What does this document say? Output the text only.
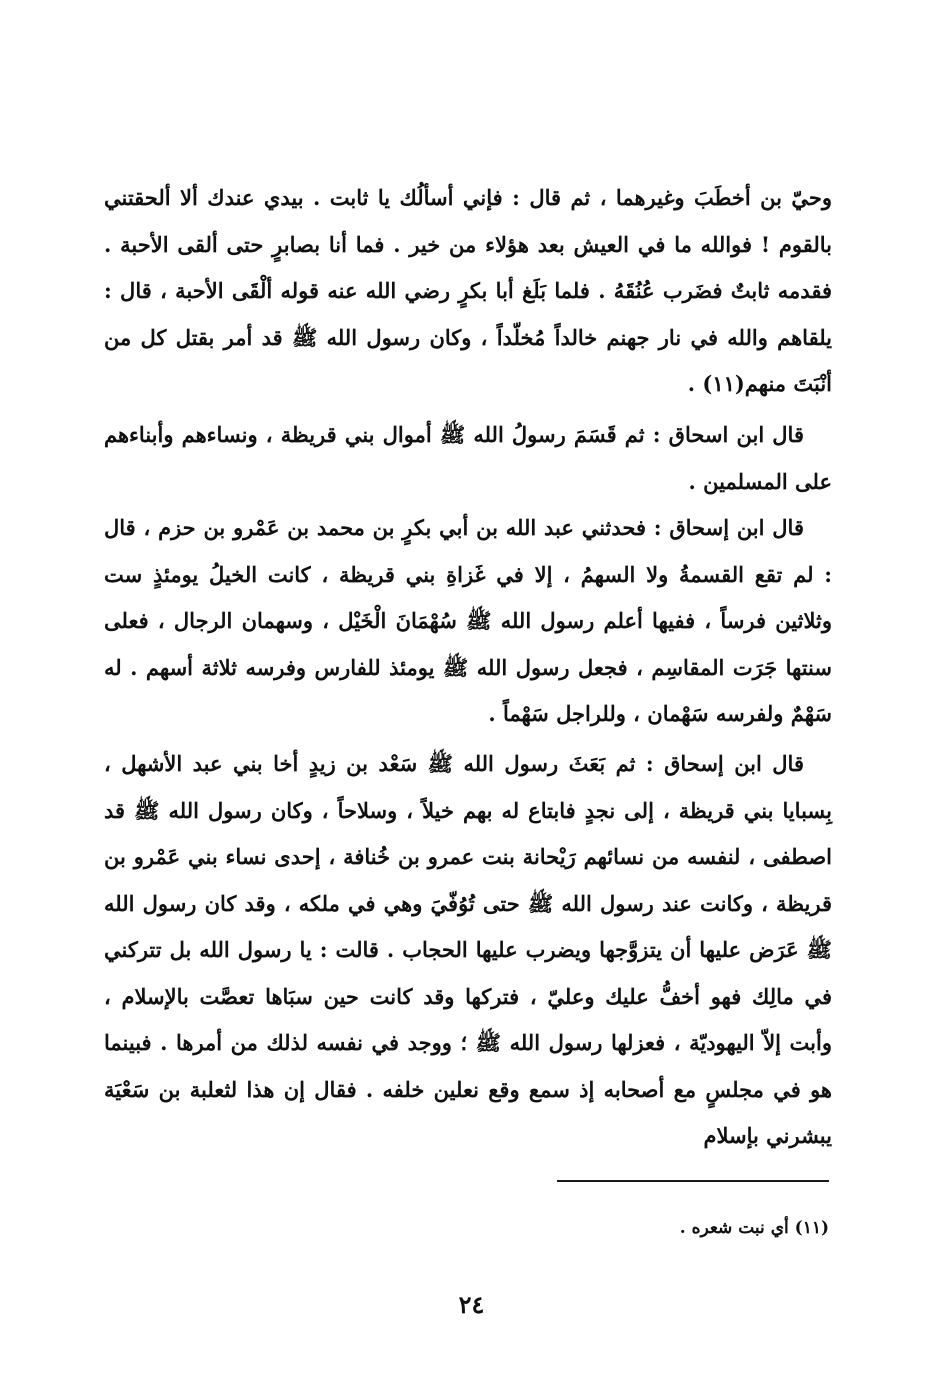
وحيّ بن أخطَبَ وغيرهما ، ثم قال : فإني أسألُك يا ثابت . بيدي عندك ألا ألحقتني بالقوم ! فوالله ما في العيش بعد هؤلاء من خير . فما أنا بصابرٍ حتى ألقى الأحبة . فقدمه ثابتٌ فضَرب عُنُقَهُ . فلما بَلَغ أبا بكرٍ رضي الله عنه قوله ألْقَى الأحبة ، قال : يلقاهم والله في نار جهنم خالداً مُخلّداً ، وكان رسول الله ﷺ قد أمر بقتل كل من أنْبَتَ منهم(١١) .

قال ابن اسحاق : ثم قَسَمَ رسولُ الله ﷺ أموال بني قريظة ، ونساءهم وأبناءهم على المسلمين .

قال ابن إسحاق : فحدثني عبد الله بن أبي بكرٍ بن محمد بن عَمْرو بن حزم ، قال : لم تقع القسمةُ ولا السهمُ ، إلا في غَزاةِ بني قريظة ، كانت الخيلُ يومئذٍ ست وثلاثين فرساً ، ففيها أعلم رسول الله ﷺ سُهْمَانَ الْخَيْل ، وسهمان الرجال ، فعلى سنتها جَرَت المقاسِم ، فجعل رسول الله ﷺ يومئذ للفارس وفرسه ثلاثة أسهم . له سَهْمٌ ولفرسه سَهْمان ، وللراجل سَهْماً .

قال ابن إسحاق : ثم بَعَثَ رسول الله ﷺ سَعْد بن زيدٍ أخا بني عبد الأشهل ، بِسبايا بني قريظة ، إلى نجدٍ فابتاع له بهم خيلاً ، وسلاحاً ، وكان رسول الله ﷺ قد اصطفى ، لنفسه من نسائهم رَيْحانة بنت عمرو بن خُنافة ، إحدى نساء بني عَمْرو بن قريظة ، وكانت عند رسول الله ﷺ حتى تُوُفّيَ وهي في ملكه ، وقد كان رسول الله ﷺ عَرَض عليها أن يتزوَّجها ويضرب عليها الحجاب . قالت : يا رسول الله بل تتركني في مالِك فهو أخفُّ عليك وعليّ ، فتركها وقد كانت حين سبَاها تعصَّت بالإسلام ، وأبت إلاّ اليهوديّة ، فعزلها رسول الله ﷺ ؛ ووجد في نفسه لذلك من أمرها . فبينما هو في مجلسٍ مع أصحابه إذ سمع وقع نعلين خلفه . فقال إن هذا لثعلبة بن سَعْيَة يبشرني بإسلام

(١١) أي نبت شعره .
٢٤
